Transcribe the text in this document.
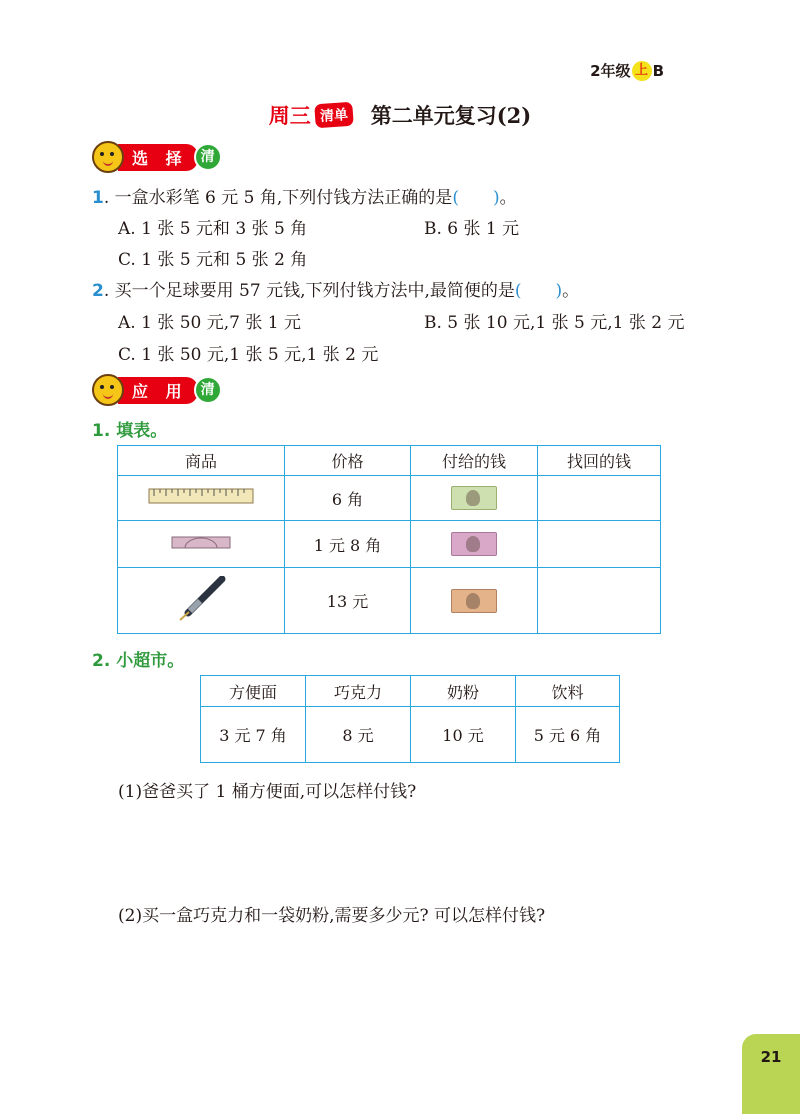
2年级 上 B
周三 清单 第二单元复习(2)
选 择 清
1. 一盒水彩笔 6 元 5 角,下列付钱方法正确的是(　　)。
A. 1 张 5 元和 3 张 5 角	B. 6 张 1 元
C. 1 张 5 元和 5 张 2 角
2. 买一个足球要用 57 元钱,下列付钱方法中,最简便的是(　　)。
A. 1 张 50 元,7 张 1 元	B. 5 张 10 元,1 张 5 元,1 张 2 元
C. 1 张 50 元,1 张 5 元,1 张 2 元
应 用 清
1. 填表。
商品	价格	付给的钱	找回的钱
	6 角		
	1 元 8 角		
	13 元		
2. 小超市。
方便面	巧克力	奶粉	饮料
3 元 7 角	8 元	10 元	5 元 6 角
(1)爸爸买了 1 桶方便面,可以怎样付钱?
(2)买一盒巧克力和一袋奶粉,需要多少元? 可以怎样付钱?
21
